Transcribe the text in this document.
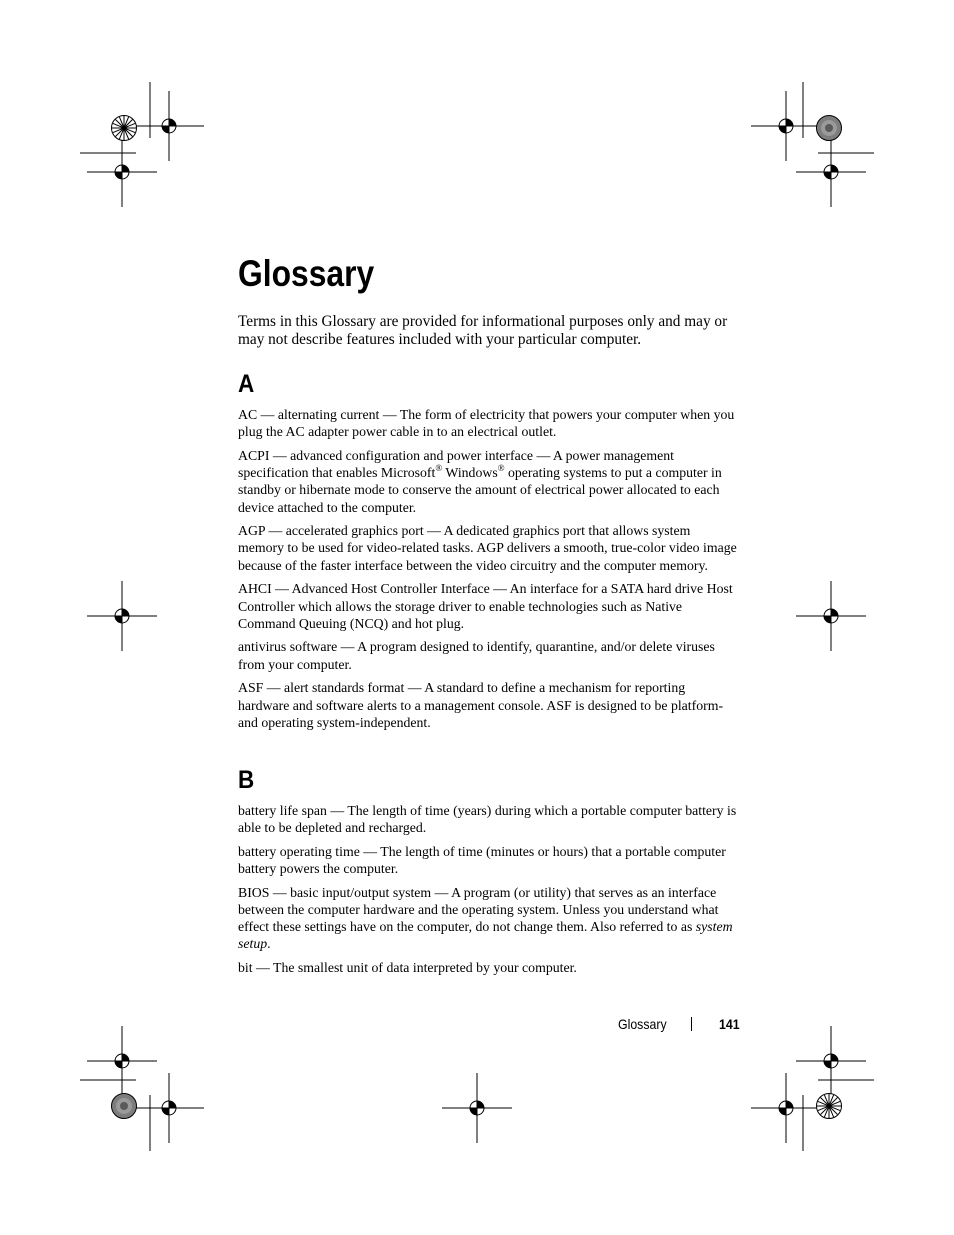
Glossary

Terms in this Glossary are provided for informational purposes only and may or may not describe features included with your particular computer.

A

AC — alternating current — The form of electricity that powers your computer when you plug the AC adapter power cable in to an electrical outlet.

ACPI — advanced configuration and power interface — A power management specification that enables Microsoft® Windows® operating systems to put a computer in standby or hibernate mode to conserve the amount of electrical power allocated to each device attached to the computer.

AGP — accelerated graphics port — A dedicated graphics port that allows system memory to be used for video-related tasks. AGP delivers a smooth, true-color video image because of the faster interface between the video circuitry and the computer memory.

AHCI — Advanced Host Controller Interface — An interface for a SATA hard drive Host Controller which allows the storage driver to enable technologies such as Native Command Queuing (NCQ) and hot plug.

antivirus software — A program designed to identify, quarantine, and/or delete viruses from your computer.

ASF — alert standards format — A standard to define a mechanism for reporting hardware and software alerts to a management console. ASF is designed to be platform- and operating system-independent.

B

battery life span — The length of time (years) during which a portable computer battery is able to be depleted and recharged.

battery operating time — The length of time (minutes or hours) that a portable computer battery powers the computer.

BIOS — basic input/output system — A program (or utility) that serves as an interface between the computer hardware and the operating system. Unless you understand what effect these settings have on the computer, do not change them. Also referred to as system setup.

bit — The smallest unit of data interpreted by your computer.

Glossary	141
